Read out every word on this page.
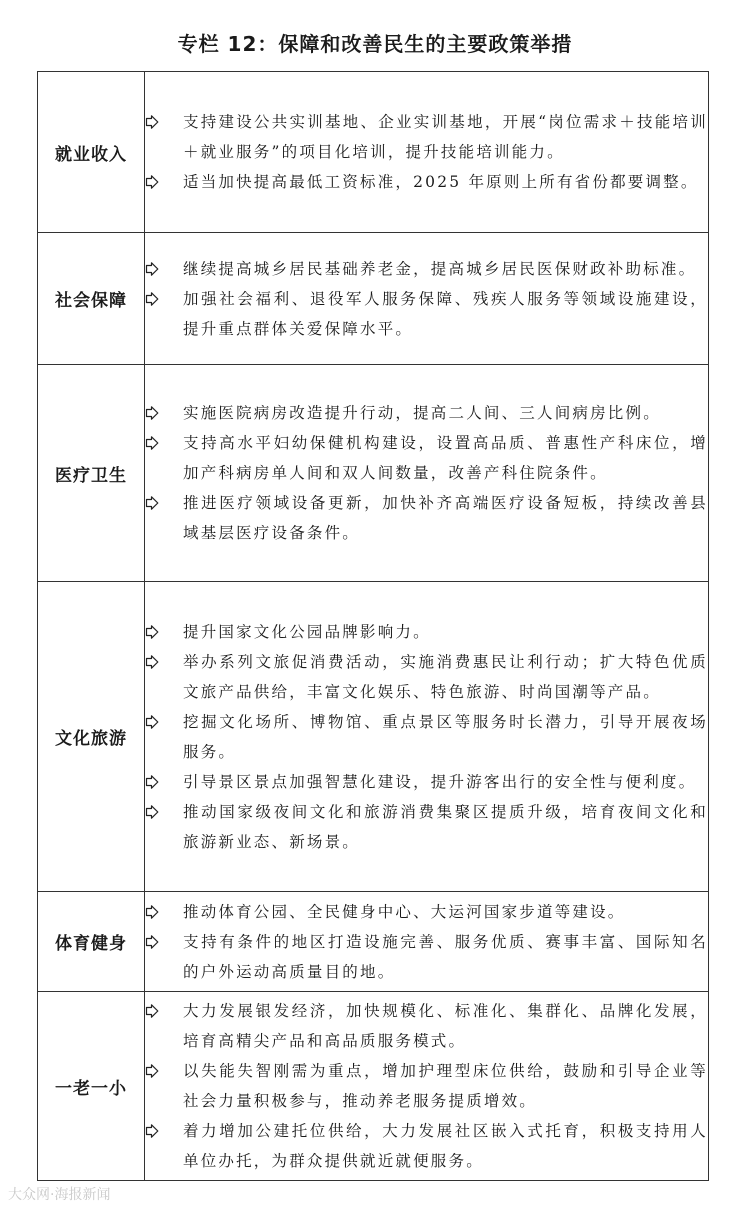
专栏 12：保障和改善民生的主要政策举措
就业收入	支持建设公共实训基地、企业实训基地，开展“岗位需求＋技能培训＋就业服务”的项目化培训，提升技能培训能力。
适当加快提高最低工资标准，2025 年原则上所有省份都要调整。

社会保障	继续提高城乡居民基础养老金，提高城乡居民医保财政补助标准。
加强社会福利、退役军人服务保障、残疾人服务等领域设施建设，提升重点群体关爱保障水平。

医疗卫生	实施医院病房改造提升行动，提高二人间、三人间病房比例。
支持高水平妇幼保健机构建设，设置高品质、普惠性产科床位，增加产科病房单人间和双人间数量，改善产科住院条件。
推进医疗领域设备更新，加快补齐高端医疗设备短板，持续改善县域基层医疗设备条件。

文化旅游	提升国家文化公园品牌影响力。
举办系列文旅促消费活动，实施消费惠民让利行动；扩大特色优质文旅产品供给，丰富文化娱乐、特色旅游、时尚国潮等产品。
挖掘文化场所、博物馆、重点景区等服务时长潜力，引导开展夜场服务。
引导景区景点加强智慧化建设，提升游客出行的安全性与便利度。
推动国家级夜间文化和旅游消费集聚区提质升级，培育夜间文化和旅游新业态、新场景。

体育健身	推动体育公园、全民健身中心、大运河国家步道等建设。
支持有条件的地区打造设施完善、服务优质、赛事丰富、国际知名的户外运动高质量目的地。

一老一小	大力发展银发经济，加快规模化、标准化、集群化、品牌化发展，培育高精尖产品和高品质服务模式。
以失能失智刚需为重点，增加护理型床位供给，鼓励和引导企业等社会力量积极参与，推动养老服务提质增效。
着力增加公建托位供给，大力发展社区嵌入式托育，积极支持用人单位办托，为群众提供就近就便服务。
大众网·海报新闻
